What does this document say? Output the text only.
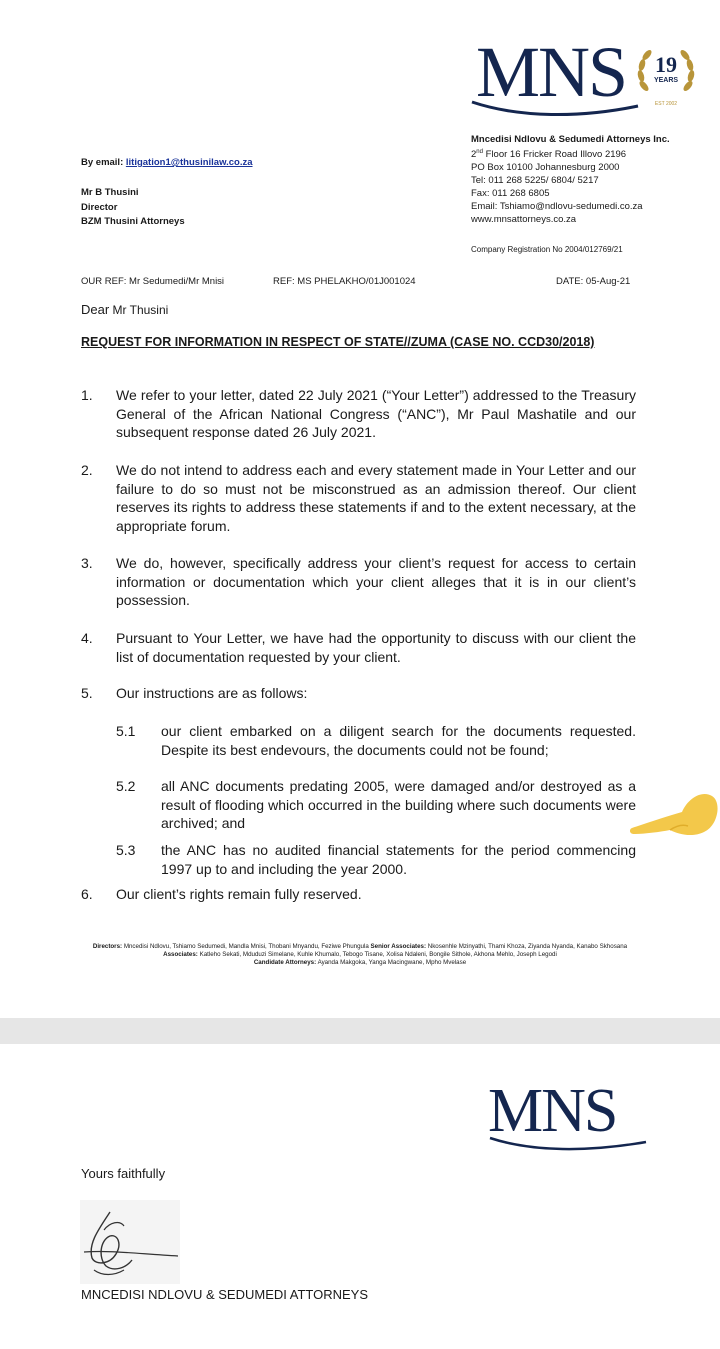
MNS	19
YEARS
EST 2002
Mncedisi Ndlovu & Sedumedi Attorneys Inc.
2nd Floor 16 Fricker Road Illovo 2196
PO Box 10100 Johannesburg 2000
Tel: 011 268 5225/ 6804/ 5217
Fax: 011 268 6805
Email: Tshiamo@ndlovu-sedumedi.co.za
www.mnsattorneys.co.za
Company Registration No 2004/012769/21
By email: litigation1@thusinilaw.co.za
Mr B Thusini
Director
BZM Thusini Attorneys
OUR REF: Mr Sedumedi/Mr Mnisi	REF: MS PHELAKHO/01J001024	DATE: 05-Aug-21
Dear Mr Thusini
REQUEST FOR INFORMATION IN RESPECT OF STATE//ZUMA (CASE NO. CCD30/2018)
1. We refer to your letter, dated 22 July 2021 (“Your Letter”) addressed to the Treasury General of the African National Congress (“ANC”), Mr Paul Mashatile and our subsequent response dated 26 July 2021.
2. We do not intend to address each and every statement made in Your Letter and our failure to do so must not be misconstrued as an admission thereof. Our client reserves its rights to address these statements if and to the extent necessary, at the appropriate forum.
3. We do, however, specifically address your client’s request for access to certain information or documentation which your client alleges that it is in our client’s possession.
4. Pursuant to Your Letter, we have had the opportunity to discuss with our client the list of documentation requested by your client.
5. Our instructions are as follows:
5.1 our client embarked on a diligent search for the documents requested. Despite its best endevours, the documents could not be found;
5.2 all ANC documents predating 2005, were damaged and/or destroyed as a result of flooding which occurred in the building where such documents were archived; and
5.3 the ANC has no audited financial statements for the period commencing 1997 up to and including the year 2000.
6. Our client’s rights remain fully reserved.
Directors: Mncedisi Ndlovu, Tshiamo Sedumedi, Mandla Mnisi, Thobani Mnyandu, Feziwe Phungula Senior Associates: Nkosenhle Mzinyathi, Thami Khoza, Ziyanda Nyanda, Kanabo Skhosana
Associates: Katleho Sekati, Mduduzi Simelane, Kuhle Khumalo, Tebogo Tisane, Xolisa Ndaleni, Bongile Sithole, Akhona Mehlo, Joseph Legodi
Candidate Attorneys: Ayanda Makgoka, Yanga Macingwane, Mpho Mvelase
MNS
Yours faithfully
MNCEDISI NDLOVU & SEDUMEDI ATTORNEYS
